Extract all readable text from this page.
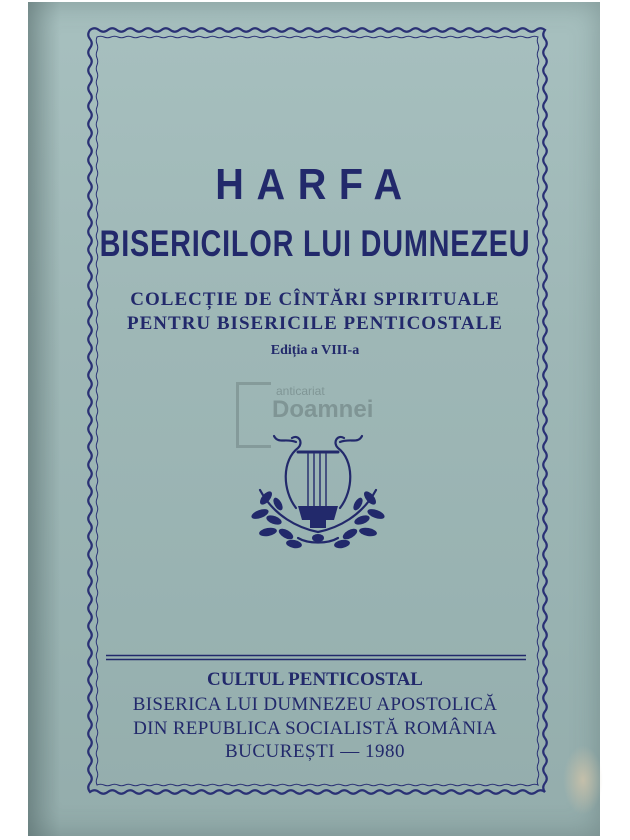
HARFA
BISERICILOR LUI DUMNEZEU
COLECȚIE DE CÎNTĂRI SPIRITUALE
PENTRU BISERICILE PENTICOSTALE
Ediția a VIII-a
anticariat
Doamnei
CULTUL PENTICOSTAL
BISERICA LUI DUMNEZEU APOSTOLICĂ
DIN REPUBLICA SOCIALISTĂ ROMÂNIA
BUCUREȘTI — 1980
